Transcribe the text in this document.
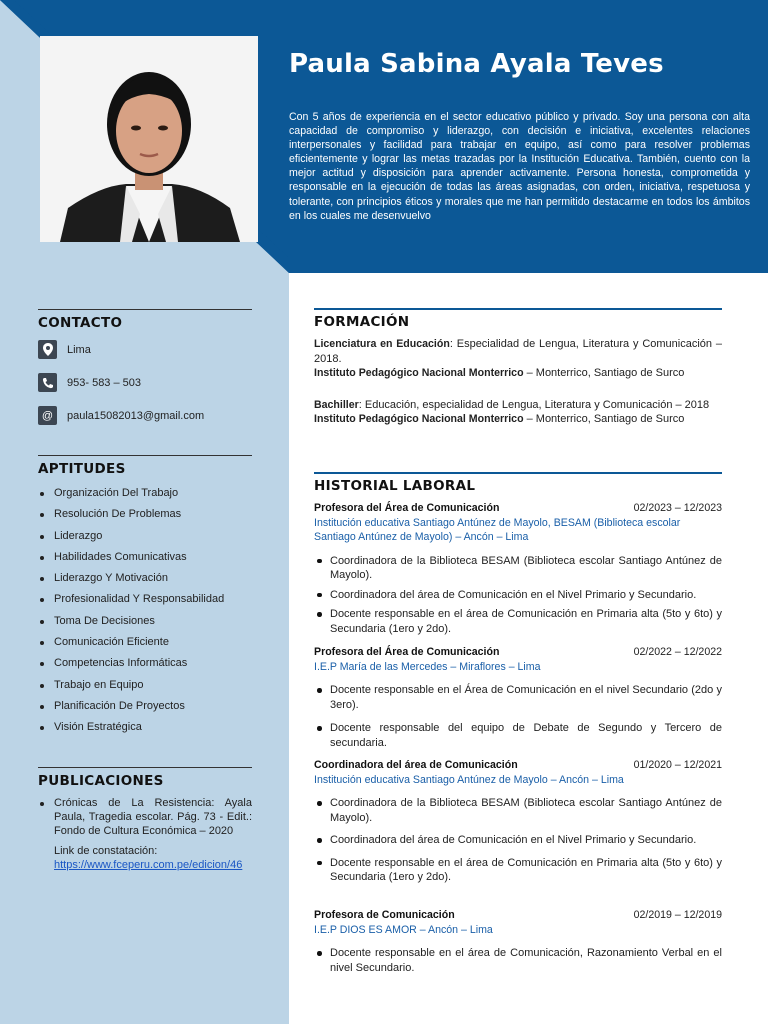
Paula Sabina Ayala Teves

Con 5 años de experiencia en el sector educativo público y privado. Soy una persona con alta capacidad de compromiso y liderazgo, con decisión e iniciativa, excelentes relaciones interpersonales y facilidad para trabajar en equipo, así como para resolver problemas eficientemente y lograr las metas trazadas por la Institución Educativa. También, cuento con la mejor actitud y disposición para aprender activamente. Persona honesta, comprometida y responsable en la ejecución de todas las áreas asignadas, con orden, iniciativa, respetuosa y tolerante, con principios éticos y morales que me han permitido destacarme en todos los ámbitos en los cuales me desenvuelvo

CONTACTO
Lima
953- 583 – 503
@	paula15082013@gmail.com
APTITUDES
Organización Del Trabajo
Resolución De Problemas
Liderazgo
Habilidades Comunicativas
Liderazgo Y Motivación
Profesionalidad Y Responsabilidad
Toma De Decisiones
Comunicación Eficiente
Competencias Informáticas
Trabajo en Equipo
Planificación De Proyectos
Visión Estratégica
PUBLICACIONES
Crónicas de La Resistencia: Ayala Paula, Tragedia escolar. Pág. 73 - Edit.: Fondo de Cultura Económica – 2020
Link de constatación:
https://www.fceperu.com.pe/edicion/46
FORMACIÓN
Licenciatura en Educación: Especialidad de Lengua, Literatura y Comunicación – 2018.
Instituto Pedagógico Nacional Monterrico – Monterrico, Santiago de Surco
Bachiller: Educación, especialidad de Lengua, Literatura y Comunicación – 2018
Instituto Pedagógico Nacional Monterrico – Monterrico, Santiago de Surco
HISTORIAL LABORAL
Profesora del Área de Comunicación	02/2023 – 12/2023
Institución educativa Santiago Antúnez de Mayolo, BESAM (Biblioteca escolar Santiago Antúnez de Mayolo) – Ancón – Lima
Coordinadora de la Biblioteca BESAM (Biblioteca escolar Santiago Antúnez de Mayolo).
Coordinadora del área de Comunicación en el Nivel Primario y Secundario.
Docente responsable en el área de Comunicación en Primaria alta (5to y 6to) y Secundaria (1ero y 2do).
Profesora del Área de Comunicación	02/2022 – 12/2022
I.E.P María de las Mercedes – Miraflores – Lima
Docente responsable en el Área de Comunicación en el nivel Secundario (2do y 3ero).
Docente responsable del equipo de Debate de Segundo y Tercero de secundaria.
Coordinadora del área de Comunicación	01/2020 – 12/2021
Institución educativa Santiago Antúnez de Mayolo – Ancón – Lima
Coordinadora de la Biblioteca BESAM (Biblioteca escolar Santiago Antúnez de Mayolo).
Coordinadora del área de Comunicación en el Nivel Primario y Secundario.
Docente responsable en el área de Comunicación en Primaria alta (5to y 6to) y Secundaria (1ero y 2do).
Profesora de Comunicación	02/2019 – 12/2019
I.E.P DIOS ES AMOR – Ancón – Lima
Docente responsable en el área de Comunicación, Razonamiento Verbal en el nivel Secundario.
